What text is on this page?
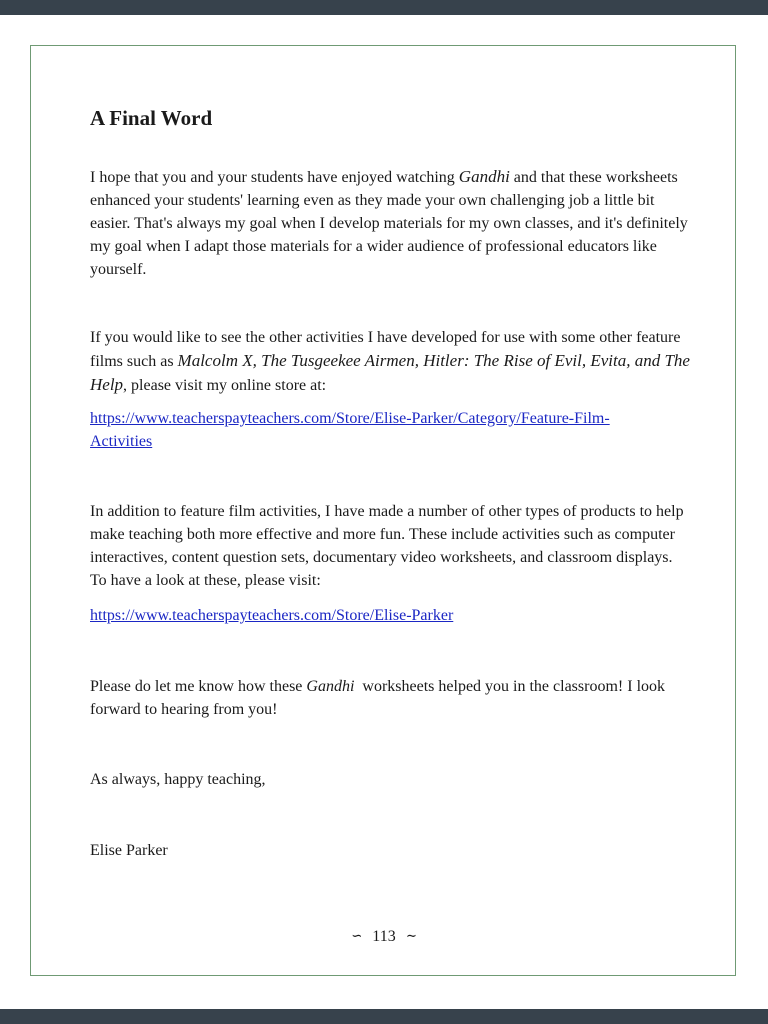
A Final Word

I hope that you and your students have enjoyed watching Gandhi and that these worksheets enhanced your students' learning even as they made your own challenging job a little bit easier. That's always my goal when I develop materials for my own classes, and it's definitely my goal when I adapt those materials for a wider audience of professional educators like yourself.

If you would like to see the other activities I have developed for use with some other feature films such as Malcolm X, The Tusgeekee Airmen, Hitler: The Rise of Evil, Evita, and The Help, please visit my online store at:

https://www.teacherspayteachers.com/Store/Elise-Parker/Category/Feature-Film-
Activities

In addition to feature film activities, I have made a number of other types of products to help make teaching both more effective and more fun. These include activities such as computer interactives, content question sets, documentary video worksheets, and classroom displays. To have a look at these, please visit:

https://www.teacherspayteachers.com/Store/Elise-Parker

Please do let me know how these Gandhi  worksheets helped you in the classroom! I look forward to hearing from you!

As always, happy teaching,

Elise Parker

∽ 113 ∽
